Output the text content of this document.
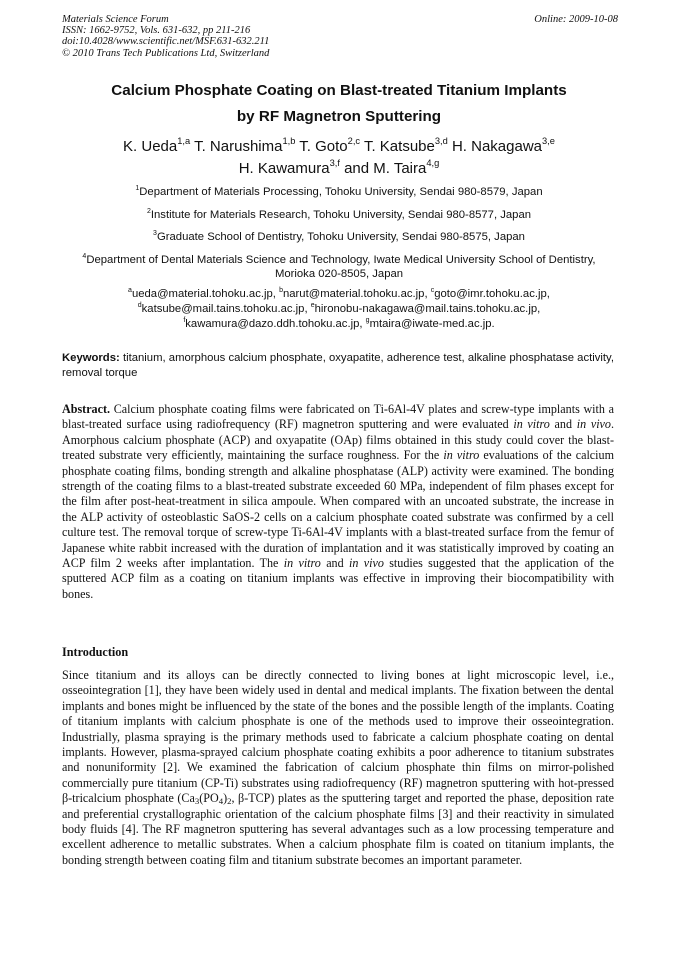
Materials Science Forum
ISSN: 1662-9752, Vols. 631-632, pp 211-216
doi:10.4028/www.scientific.net/MSF.631-632.211
© 2010 Trans Tech Publications Ltd, Switzerland
Online: 2009-10-08
Calcium Phosphate Coating on Blast-treated Titanium Implants
by RF Magnetron Sputtering
K. Ueda$^{1,a}$ T. Narushima$^{1,b}$ T. Goto$^{2,c}$ T. Katsube$^{3,d}$ H. Nakagawa$^{3,e}$
H. Kawamura$^{3,f}$ and M. Taira$^{4,g}$
$^1$Department of Materials Processing, Tohoku University, Sendai 980-8579, Japan
$^2$Institute for Materials Research, Tohoku University, Sendai 980-8577, Japan
$^3$Graduate School of Dentistry, Tohoku University, Sendai 980-8575, Japan
$^4$Department of Dental Materials Science and Technology, Iwate Medical University School of Dentistry, Morioka 020-8505, Japan
$^a$ueda@material.tohoku.ac.jp, $^b$narut@material.tohoku.ac.jp, $^c$goto@imr.tohoku.ac.jp,
$^d$katsube@mail.tains.tohoku.ac.jp, $^e$hironobu-nakagawa@mail.tains.tohoku.ac.jp,
$^f$kawamura@dazo.ddh.tohoku.ac.jp, $^g$mtaira@iwate-med.ac.jp.
Keywords: titanium, amorphous calcium phosphate, oxyapatite, adherence test, alkaline phosphatase activity, removal torque
Abstract. Calcium phosphate coating films were fabricated on Ti-6Al-4V plates and screw-type implants with a blast-treated surface using radiofrequency (RF) magnetron sputtering and were evaluated in vitro and in vivo. Amorphous calcium phosphate (ACP) and oxyapatite (OAp) films obtained in this study could cover the blast-treated substrate very efficiently, maintaining the surface roughness. For the in vitro evaluations of the calcium phosphate coating films, bonding strength and alkaline phosphatase (ALP) activity were examined. The bonding strength of the coating films to a blast-treated substrate exceeded 60 MPa, independent of film phases except for the film after post-heat-treatment in silica ampoule. When compared with an uncoated substrate, the increase in the ALP activity of osteoblastic SaOS-2 cells on a calcium phosphate coated substrate was confirmed by a cell culture test. The removal torque of screw-type Ti-6Al-4V implants with a blast-treated surface from the femur of Japanese white rabbit increased with the duration of implantation and it was statistically improved by coating an ACP film 2 weeks after implantation. The in vitro and in vivo studies suggested that the application of the sputtered ACP film as a coating on titanium implants was effective in improving their biocompatibility with bones.
Introduction
Since titanium and its alloys can be directly connected to living bones at light microscopic level, i.e., osseointegration [1], they have been widely used in dental and medical implants. The fixation between the dental implants and bones might be influenced by the state of the bones and the possible length of the implants. Coating of titanium implants with calcium phosphate is one of the methods used to improve their osseointegration. Industrially, plasma spraying is the primary methods used to fabricate a calcium phosphate coating on dental implants. However, plasma-sprayed calcium phosphate coating exhibits a poor adherence to titanium substrates and nonuniformity [2]. We examined the fabrication of calcium phosphate thin films on mirror-polished commercially pure titanium (CP-Ti) substrates using radiofrequency (RF) magnetron sputtering with hot-pressed β-tricalcium phosphate ($Ca_3(PO_4)_2$, β-TCP) plates as the sputtering target and reported the phase, deposition rate and preferential crystallographic orientation of the calcium phosphate films [3] and their reactivity in simulated body fluids [4]. The RF magnetron sputtering has several advantages such as a low processing temperature and excellent adherence to metallic substrates. When a calcium phosphate film is coated on titanium implants, the bonding strength between coating film and titanium substrate becomes an important parameter.
